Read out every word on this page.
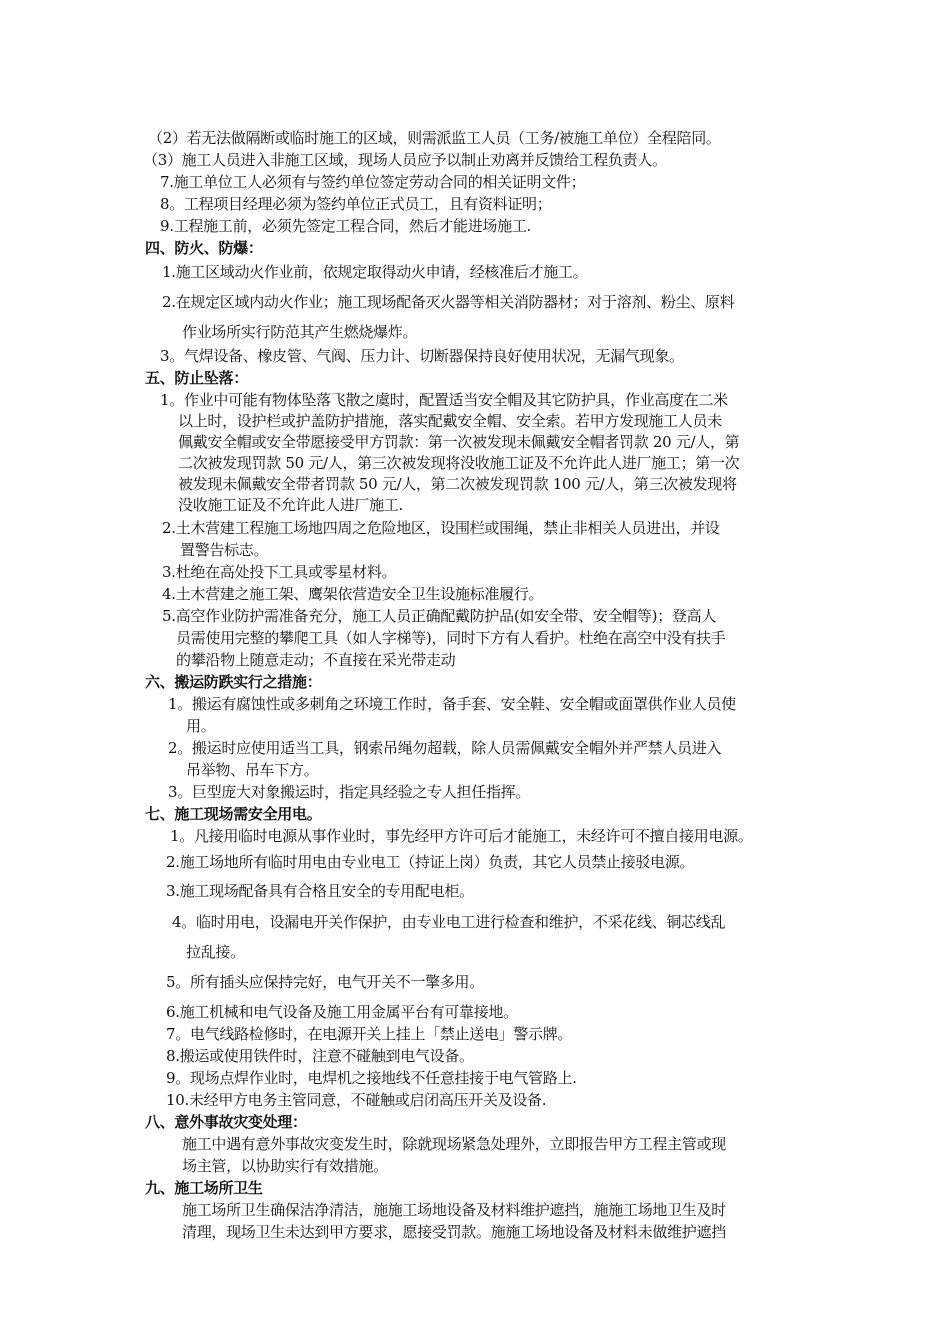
（2）若无法做隔断或临时施工的区域，则需派监工人员（工务/被施工单位）全程陪同。
（3）施工人员进入非施工区域，现场人员应予以制止劝离并反馈给工程负责人。
7.施工单位工人必须有与签约单位签定劳动合同的相关证明文件；
8。工程项目经理必须为签约单位正式员工，且有资料证明；
9.工程施工前，必须先签定工程合同，然后才能进场施工.
四、防火、防爆：
1.施工区域动火作业前，依规定取得动火申请，经核准后才施工。
2.在规定区域内动火作业；施工现场配备灭火器等相关消防器材；对于溶剂、粉尘、原料
作业场所实行防范其产生燃烧爆炸。
3。气焊设备、橡皮管、气阀、压力计、切断器保持良好使用状况，无漏气现象。
五、防止坠落：
1。作业中可能有物体坠落飞散之虞时，配置适当安全帽及其它防护具，作业高度在二米
以上时，设护栏或护盖防护措施，落实配戴安全帽、安全索。若甲方发现施工人员未
佩戴安全帽或安全带愿接受甲方罚款：第一次被发现未佩戴安全帽者罚款 20 元/人，第
二次被发现罚款 50 元/人，第三次被发现将没收施工证及不允许此人进厂施工；第一次
被发现未佩戴安全带者罚款 50 元/人，第二次被发现罚款 100 元/人，第三次被发现将
没收施工证及不允许此人进厂施工.
2.土木营建工程施工场地四周之危险地区，设围栏或围绳，禁止非相关人员进出，并设
置警告标志。
3.杜绝在高处投下工具或零星材料。
4.土木营建之施工架、鹰架依营造安全卫生设施标准履行。
5.高空作业防护需准备充分，施工人员正确配戴防护品(如安全带、安全帽等)；登高人
员需使用完整的攀爬工具（如人字梯等)，同时下方有人看护。杜绝在高空中没有扶手
的攀沿物上随意走动；不直接在采光带走动
六、搬运防跌实行之措施：
1。搬运有腐蚀性或多刺角之环境工作时，备手套、安全鞋、安全帽或面罩供作业人员使
用。
2。搬运时应使用适当工具，钢索吊绳勿超载，除人员需佩戴安全帽外并严禁人员进入
吊举物、吊车下方。
3。巨型庞大对象搬运时，指定具经验之专人担任指挥。
七、施工现场需安全用电。
1。凡接用临时电源从事作业时，事先经甲方许可后才能施工，未经许可不擅自接用电源。
2.施工场地所有临时用电由专业电工（持证上岗）负责，其它人员禁止接驳电源。
3.施工现场配备具有合格且安全的专用配电柜。
4。临时用电，设漏电开关作保护，由专业电工进行检查和维护，不采花线、铜芯线乱
拉乱接。
5。所有插头应保持完好，电气开关不一擎多用。
6.施工机械和电气设备及施工用金属平台有可靠接地。
7。电气线路检修时，在电源开关上挂上「禁止送电」警示牌。
8.搬运或使用铁件时，注意不碰触到电气设备。
9。现场点焊作业时，电焊机之接地线不任意挂接于电气管路上.
10.未经甲方电务主管同意，不碰触或启闭高压开关及设备.
八、意外事故灾变处理：
施工中遇有意外事故灾变发生时，除就现场紧急处理外，立即报告甲方工程主管或现
场主管，以协助实行有效措施。
九、施工场所卫生
施工场所卫生确保洁净清洁，施施工场地设备及材料维护遮挡，施施工场地卫生及时
清理，现场卫生未达到甲方要求，愿接受罚款。施施工场地设备及材料未做维护遮挡
